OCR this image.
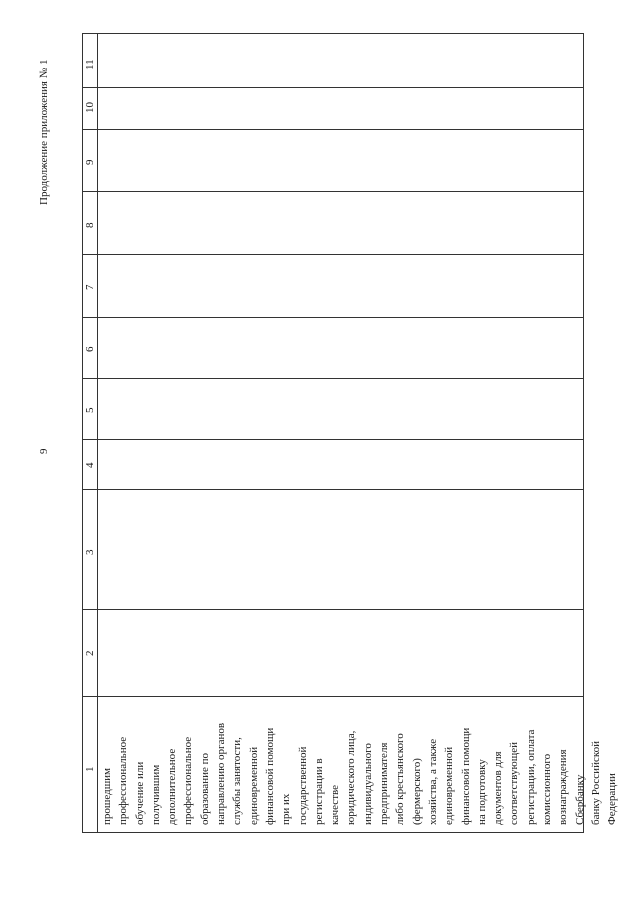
9
Продолжение приложения № 1
1
2
3
4
5
6
7
8
9
10
11
прошедшим
профессиональное
обучение или
получившим
дополнительное
профессиональное
образование по
направлению органов
службы занятости,
единовременной
финансовой помощи
при их
государственной
регистрации в
качестве
юридического лица,
индивидуального
предпринимателя
либо крестьянского
(фермерского)
хозяйства, а также
единовременной
финансовой помощи
на подготовку
документов для
соответствующей
регистрации, оплата
комиссионного
вознаграждения
Сбербанку
банку Российской
Федерации
